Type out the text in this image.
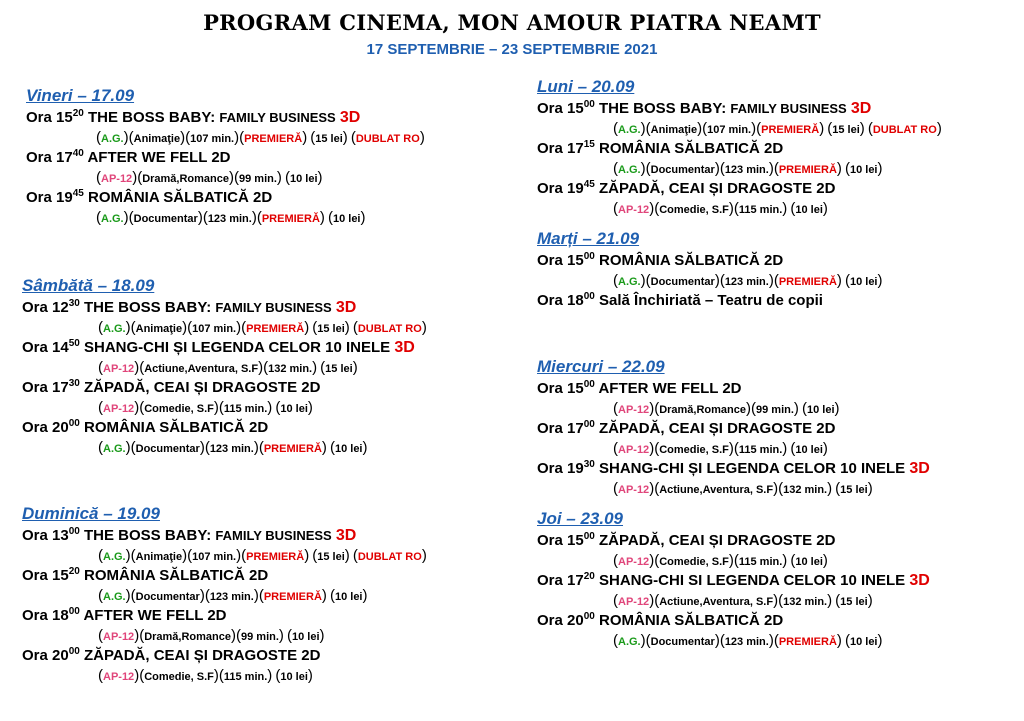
PROGRAM CINEMA, MON AMOUR PIATRA NEAMT
17 SEPTEMBRIE – 23 SEPTEMBRIE 2021
Vineri – 17.09
Ora $15^{20}$ THE BOSS BABY: FAMILY BUSINESS 3D
(A.G.)(Animaţie)(107 min.)(PREMIERĂ) (15 lei) (DUBLAT RO)
Ora $17^{40}$ AFTER WE FELL 2D
(AP-12)(Dramă,Romance)(99 min.) (10 lei)
Ora $19^{45}$ ROMÂNIA SĂLBATICĂ 2D
(A.G.)(Documentar)(123 min.)(PREMIERĂ) (10 lei)
Sâmbătă – 18.09
Ora $12^{30}$ THE BOSS BABY: FAMILY BUSINESS 3D
(A.G.)(Animaţie)(107 min.)(PREMIERĂ) (15 lei) (DUBLAT RO)
Ora $14^{50}$ SHANG-CHI ȘI LEGENDA CELOR 10 INELE 3D
(AP-12)(Actiune,Aventura, S.F)(132 min.) (15 lei)
Ora $17^{30}$ ZĂPADĂ, CEAI ȘI DRAGOSTE 2D
(AP-12)(Comedie, S.F)(115 min.) (10 lei)
Ora $20^{00}$ ROMÂNIA SĂLBATICĂ 2D
(A.G.)(Documentar)(123 min.)(PREMIERĂ) (10 lei)
Duminică – 19.09
Ora $13^{00}$ THE BOSS BABY: FAMILY BUSINESS 3D
(A.G.)(Animaţie)(107 min.)(PREMIERĂ) (15 lei) (DUBLAT RO)
Ora $15^{20}$ ROMÂNIA SĂLBATICĂ 2D
(A.G.)(Documentar)(123 min.)(PREMIERĂ) (10 lei)
Ora $18^{00}$ AFTER WE FELL 2D
(AP-12)(Dramă,Romance)(99 min.) (10 lei)
Ora $20^{00}$ ZĂPADĂ, CEAI ȘI DRAGOSTE 2D
(AP-12)(Comedie, S.F)(115 min.) (10 lei)
Luni – 20.09
Ora $15^{00}$ THE BOSS BABY: FAMILY BUSINESS 3D
(A.G.)(Animaţie)(107 min.)(PREMIERĂ) (15 lei) (DUBLAT RO)
Ora $17^{15}$ ROMÂNIA SĂLBATICĂ 2D
(A.G.)(Documentar)(123 min.)(PREMIERĂ) (10 lei)
Ora $19^{45}$ ZĂPADĂ, CEAI ȘI DRAGOSTE 2D
(AP-12)(Comedie, S.F)(115 min.) (10 lei)
Marți – 21.09
Ora $15^{00}$ ROMÂNIA SĂLBATICĂ 2D
(A.G.)(Documentar)(123 min.)(PREMIERĂ) (10 lei)
Ora $18^{00}$ Sală Închiriată – Teatru de copii
Miercuri – 22.09
Ora $15^{00}$ AFTER WE FELL 2D
(AP-12)(Dramă,Romance)(99 min.) (10 lei)
Ora $17^{00}$ ZĂPADĂ, CEAI ȘI DRAGOSTE 2D
(AP-12)(Comedie, S.F)(115 min.) (10 lei)
Ora $19^{30}$ SHANG-CHI ȘI LEGENDA CELOR 10 INELE 3D
(AP-12)(Actiune,Aventura, S.F)(132 min.) (15 lei)
Joi – 23.09
Ora $15^{00}$ ZĂPADĂ, CEAI ȘI DRAGOSTE 2D
(AP-12)(Comedie, S.F)(115 min.) (10 lei)
Ora $17^{20}$ SHANG-CHI SI LEGENDA CELOR 10 INELE 3D
(AP-12)(Actiune,Aventura, S.F)(132 min.) (15 lei)
Ora $20^{00}$ ROMÂNIA SĂLBATICĂ 2D
(A.G.)(Documentar)(123 min.)(PREMIERĂ) (10 lei)
